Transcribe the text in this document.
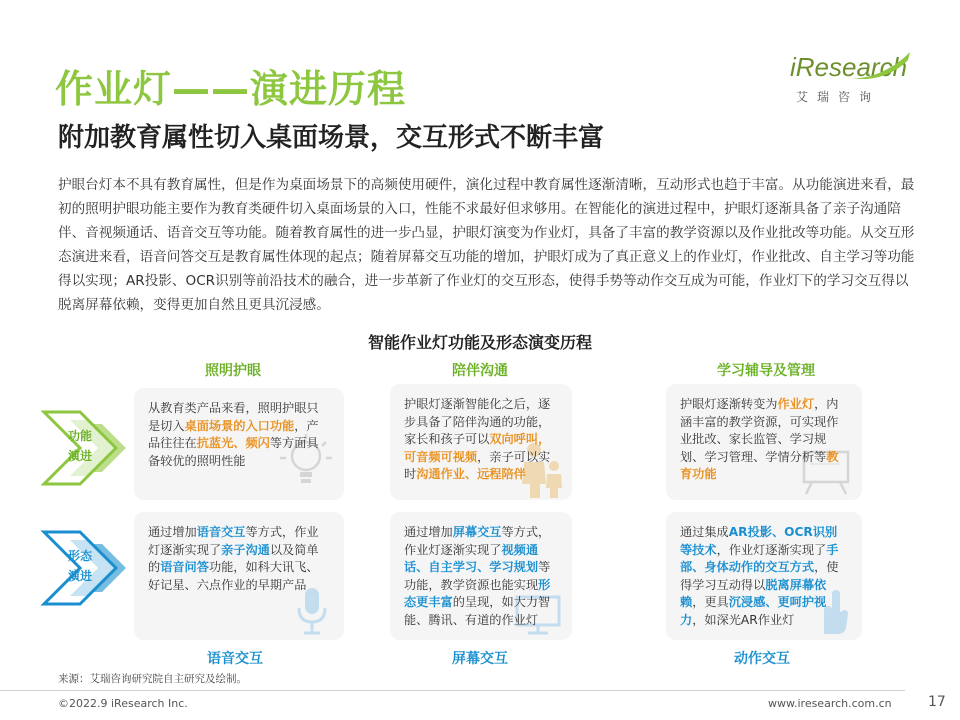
作业灯——演进历程
附加教育属性切入桌面场景，交互形式不断丰富
iResearch
艾瑞咨询
护眼台灯本不具有教育属性，但是作为桌面场景下的高频使用硬件，演化过程中教育属性逐渐清晰，互动形式也趋于丰富。从功能演进来看，最初的照明护眼功能主要作为教育类硬件切入桌面场景的入口，性能不求最好但求够用。在智能化的演进过程中，护眼灯逐渐具备了亲子沟通陪伴、音视频通话、语音交互等功能。随着教育属性的进一步凸显，护眼灯演变为作业灯，具备了丰富的教学资源以及作业批改等功能。从交互形态演进来看，语音问答交互是教育属性体现的起点；随着屏幕交互功能的增加，护眼灯成为了真正意义上的作业灯，作业批改、自主学习等功能得以实现；AR投影、OCR识别等前沿技术的融合，进一步革新了作业灯的交互形态，使得手势等动作交互成为可能，作业灯下的学习交互得以脱离屏幕依赖，变得更加自然且更具沉浸感。
智能作业灯功能及形态演变历程
照明护眼	陪伴沟通	学习辅导及管理
功能
演进
形态
演进
从教育类产品来看，照明护眼只是切入桌面场景的入口功能，产品往往在抗蓝光、频闪等方面具备较优的照明性能
护眼灯逐渐智能化之后，逐步具备了陪伴沟通的功能，家长和孩子可以双向呼叫，可音频可视频，亲子可以实时沟通作业、远程陪伴
护眼灯逐渐转变为作业灯，内涵丰富的教学资源，可实现作业批改、家长监管、学习规划、学习管理、学情分析等教育功能
通过增加语音交互等方式，作业灯逐渐实现了亲子沟通以及简单的语音问答功能，如科大讯飞、好记星、六点作业的早期产品
通过增加屏幕交互等方式，作业灯逐渐实现了视频通话、自主学习、学习规划等功能，教学资源也能实现形态更丰富的呈现，如大力智能、腾讯、有道的作业灯
通过集成AR投影、OCR识别等技术，作业灯逐渐实现了手部、身体动作的交互方式，使得学习互动得以脱离屏幕依赖，更具沉浸感、更呵护视力，如深光AR作业灯
语音交互	屏幕交互	动作交互
来源：艾瑞咨询研究院自主研究及绘制。
©2022.9 iResearch Inc.	www.iresearch.com.cn	17
